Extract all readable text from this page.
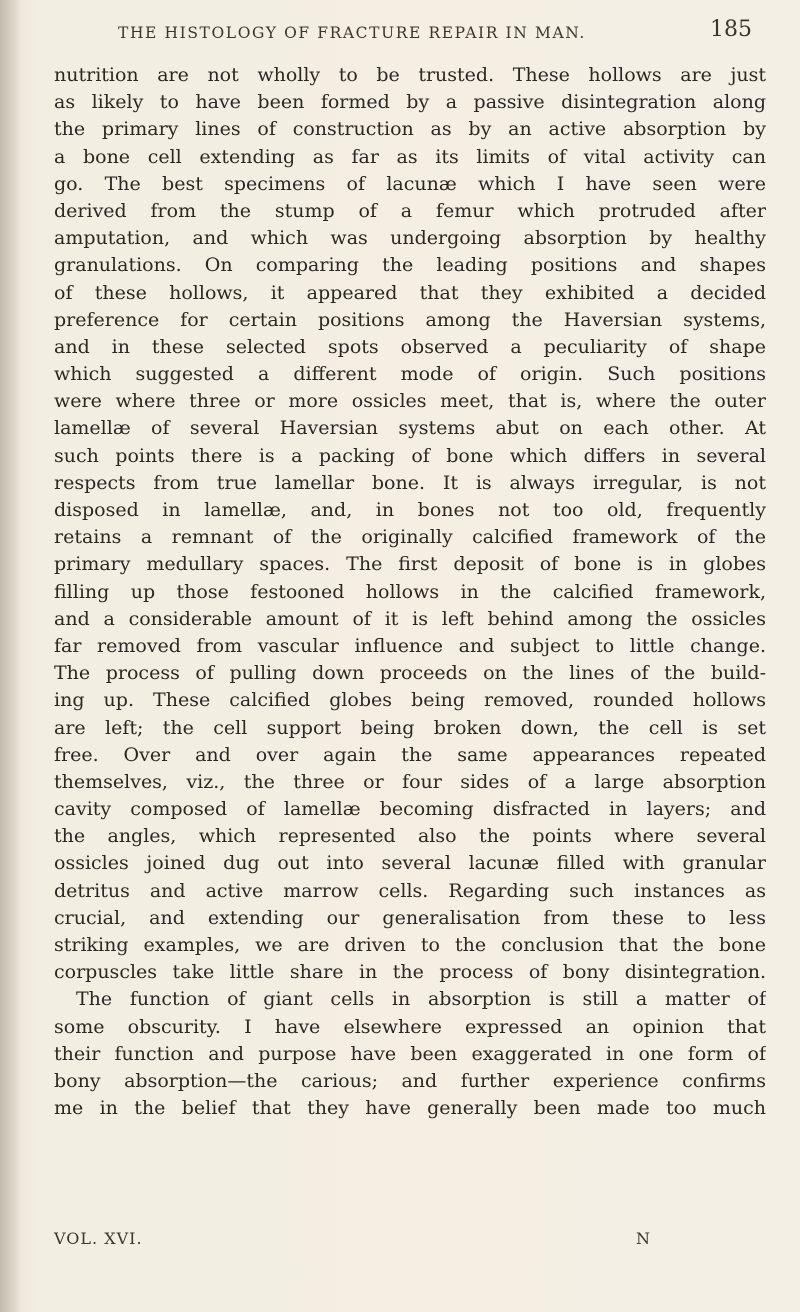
THE HISTOLOGY OF FRACTURE REPAIR IN MAN.	185
nutrition are not wholly to be trusted. These hollows are just
as likely to have been formed by a passive disintegration along
the primary lines of construction as by an active absorption by
a bone cell extending as far as its limits of vital activity can
go. The best specimens of lacunæ which I have seen were
derived from the stump of a femur which protruded after
amputation, and which was undergoing absorption by healthy
granulations. On comparing the leading positions and shapes
of these hollows, it appeared that they exhibited a decided
preference for certain positions among the Haversian systems,
and in these selected spots observed a peculiarity of shape
which suggested a different mode of origin. Such positions
were where three or more ossicles meet, that is, where the outer
lamellæ of several Haversian systems abut on each other. At
such points there is a packing of bone which differs in several
respects from true lamellar bone. It is always irregular, is not
disposed in lamellæ, and, in bones not too old, frequently
retains a remnant of the originally calcified framework of the
primary medullary spaces. The first deposit of bone is in globes
filling up those festooned hollows in the calcified framework,
and a considerable amount of it is left behind among the ossicles
far removed from vascular influence and subject to little change.
The process of pulling down proceeds on the lines of the build-
ing up. These calcified globes being removed, rounded hollows
are left; the cell support being broken down, the cell is set
free. Over and over again the same appearances repeated
themselves, viz., the three or four sides of a large absorption
cavity composed of lamellæ becoming disfracted in layers; and
the angles, which represented also the points where several
ossicles joined dug out into several lacunæ filled with granular
detritus and active marrow cells. Regarding such instances as
crucial, and extending our generalisation from these to less
striking examples, we are driven to the conclusion that the bone
corpuscles take little share in the process of bony disintegration.
The function of giant cells in absorption is still a matter of
some obscurity. I have elsewhere expressed an opinion that
their function and purpose have been exaggerated in one form of
bony absorption—the carious; and further experience confirms
me in the belief that they have generally been made too much
VOL. XVI.	N
